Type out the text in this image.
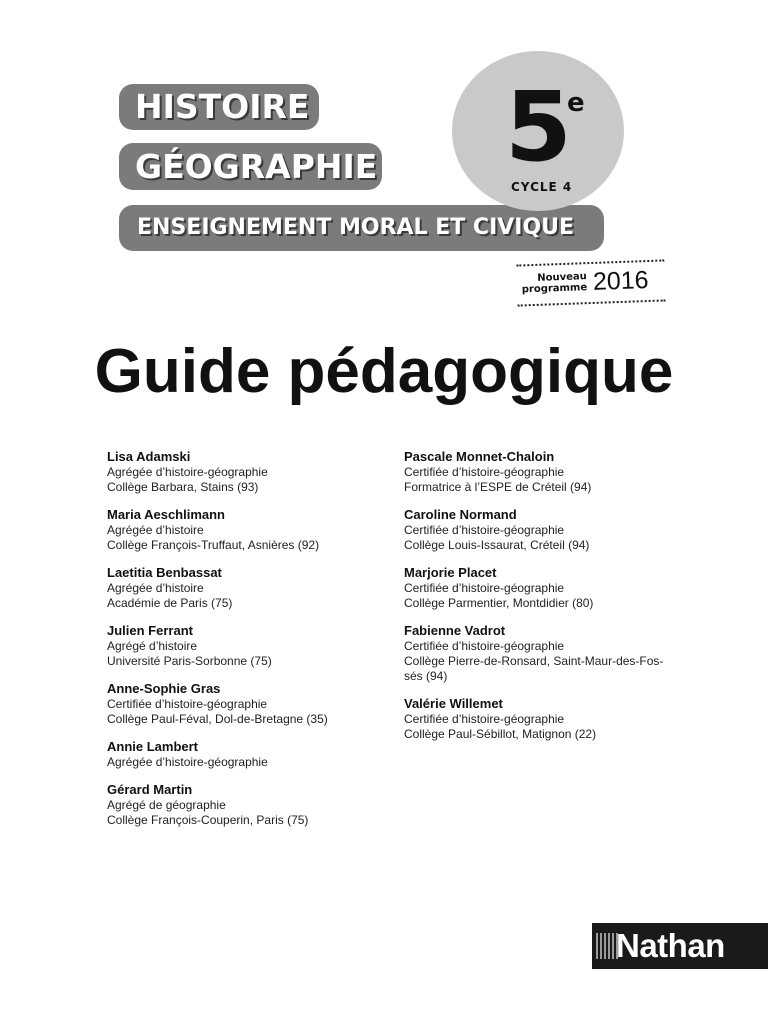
HISTOIRE
GÉOGRAPHIE
ENSEIGNEMENT MORAL ET CIVIQUE
5
e
CYCLE 4
Nouveau
programme 2016
Guide pédagogique
Lisa Adamski
Agrégée d’histoire-géographie
Collège Barbara, Stains (93)
Maria Aeschlimann
Agrégée d’histoire
Collège François-Truffaut, Asnières (92)
Laetitia Benbassat
Agrégée d’histoire
Académie de Paris (75)
Julien Ferrant
Agrégé d’histoire
Université Paris-Sorbonne (75)
Anne-Sophie Gras
Certifiée d’histoire-géographie
Collège Paul-Féval, Dol-de-Bretagne (35)
Annie Lambert
Agrégée d’histoire-géographie
Gérard Martin
Agrégé de géographie
Collège François-Couperin, Paris (75)
Pascale Monnet-Chaloin
Certifiée d’histoire-géographie
Formatrice à l’ESPE de Créteil (94)
Caroline Normand
Certifiée d’histoire-géographie
Collège Louis-Issaurat, Créteil (94)
Marjorie Placet
Certifiée d’histoire-géographie
Collège Parmentier, Montdidier (80)
Fabienne Vadrot
Certifiée d’histoire-géographie
Collège Pierre-de-Ronsard, Saint-Maur-des-Fos-
sés (94)
Valérie Willemet
Certifiée d’histoire-géographie
Collège Paul-Sébillot, Matignon (22)
Nathan
